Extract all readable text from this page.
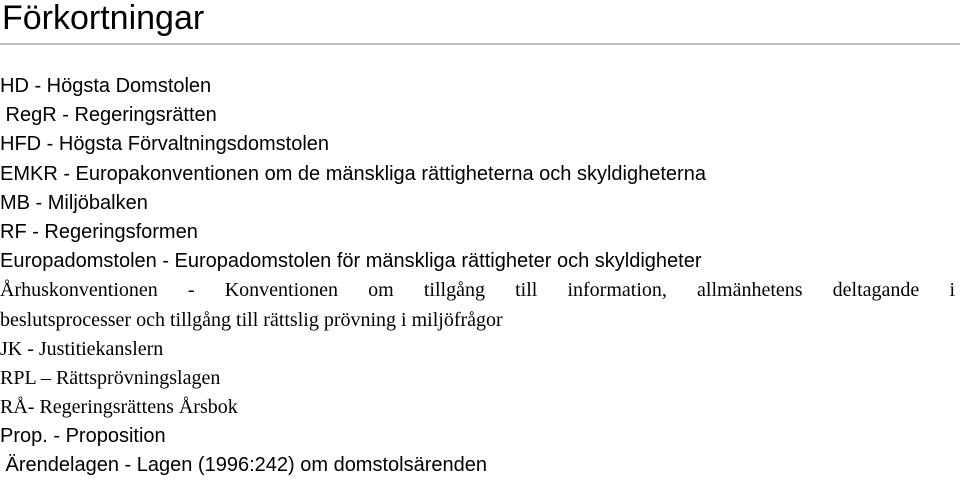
Förkortningar
HD - Högsta Domstolen
RegR - Regeringsrätten
HFD - Högsta Förvaltningsdomstolen
EMKR - Europakonventionen om de mänskliga rättigheterna och skyldigheterna
MB - Miljöbalken
RF - Regeringsformen
Europadomstolen - Europadomstolen för mänskliga rättigheter och skyldigheter
Århuskonventionen - Konventionen om tillgång till information, allmänhetens deltagande i
beslutsprocesser och tillgång till rättslig prövning i miljöfrågor
JK - Justitiekanslern
RPL – Rättsprövningslagen
RÅ- Regeringsrättens Årsbok
Prop. - Proposition
Ärendelagen - Lagen (1996:242) om domstolsärenden
